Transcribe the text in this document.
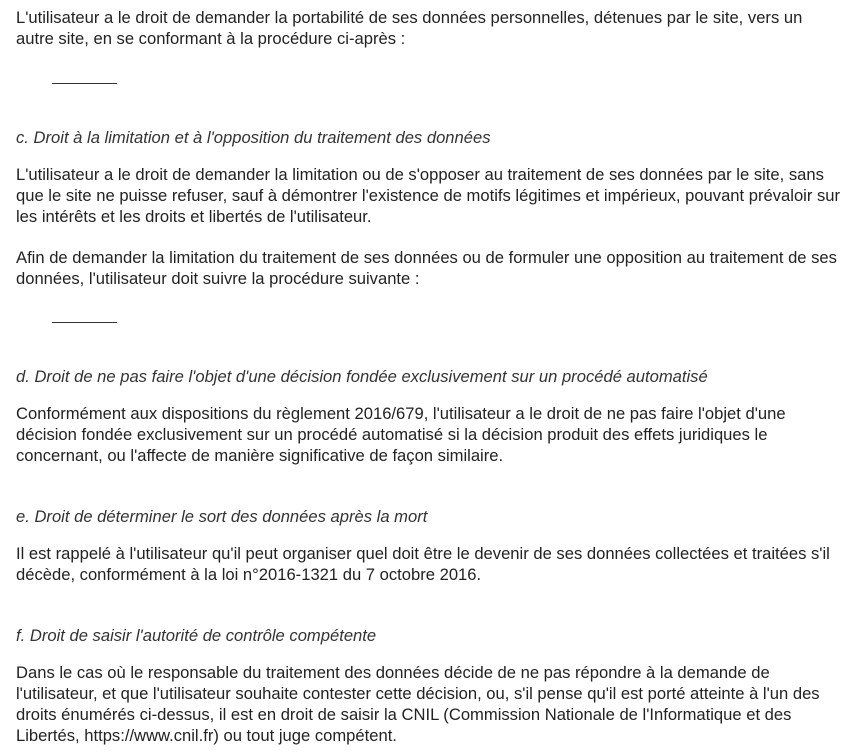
L'utilisateur a le droit de demander la portabilité de ses données personnelles, détenues par le site, vers un autre site, en se conformant à la procédure ci-après :

c. Droit à la limitation et à l'opposition du traitement des données

L'utilisateur a le droit de demander la limitation ou de s'opposer au traitement de ses données par le site, sans que le site ne puisse refuser, sauf à démontrer l'existence de motifs légitimes et impérieux, pouvant prévaloir sur les intérêts et les droits et libertés de l'utilisateur.

Afin de demander la limitation du traitement de ses données ou de formuler une opposition au traitement de ses données, l'utilisateur doit suivre la procédure suivante :

d. Droit de ne pas faire l'objet d'une décision fondée exclusivement sur un procédé automatisé

Conformément aux dispositions du règlement 2016/679, l'utilisateur a le droit de ne pas faire l'objet d'une décision fondée exclusivement sur un procédé automatisé si la décision produit des effets juridiques le concernant, ou l'affecte de manière significative de façon similaire.

e. Droit de déterminer le sort des données après la mort

Il est rappelé à l'utilisateur qu'il peut organiser quel doit être le devenir de ses données collectées et traitées s'il décède, conformément à la loi n°2016-1321 du 7 octobre 2016.

f. Droit de saisir l'autorité de contrôle compétente

Dans le cas où le responsable du traitement des données décide de ne pas répondre à la demande de l'utilisateur, et que l'utilisateur souhaite contester cette décision, ou, s'il pense qu'il est porté atteinte à l'un des droits énumérés ci-dessus, il est en droit de saisir la CNIL (Commission Nationale de l'Informatique et des Libertés, https://www.cnil.fr) ou tout juge compétent.
